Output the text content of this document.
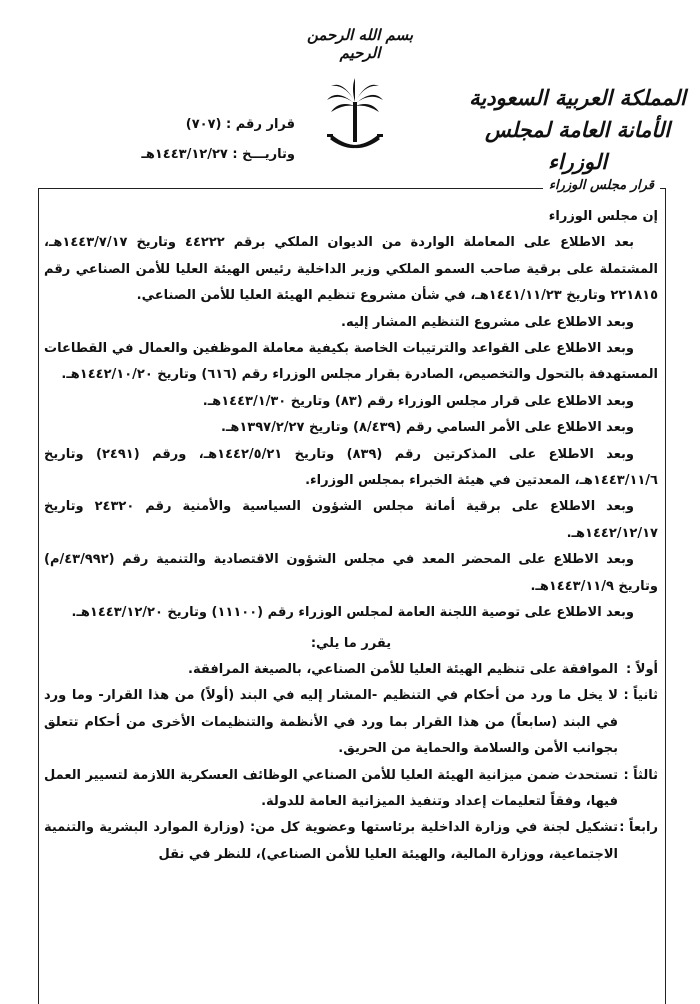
بسم الله الرحمن الرحيم
المملكة العربية السعودية
الأمانة العامة لمجلس الوزراء
قرار رقم : (٧٠٧)
وتاريـــخ : ١٤٤٣/١٢/٢٧هـ
قرار مجلس الوزراء

إن مجلس الوزراء

بعد الاطلاع على المعاملة الواردة من الديوان الملكي برقم ٤٤٢٢٢ وتاريخ ١٤٤٣/٧/١٧هـ، المشتملة على برقية صاحب السمو الملكي وزير الداخلية رئيس الهيئة العليا للأمن الصناعي رقم ٢٢١٨١٥ وتاريخ ١٤٤١/١١/٢٣هـ، في شأن مشروع تنظيم الهيئة العليا للأمن الصناعي.

وبعد الاطلاع على مشروع التنظيم المشار إليه.

وبعد الاطلاع على القواعد والترتيبات الخاصة بكيفية معاملة الموظفين والعمال في القطاعات المستهدفة بالتحول والتخصيص، الصادرة بقرار مجلس الوزراء رقم (٦١٦) وتاريخ ١٤٤٢/١٠/٢٠هـ.

وبعد الاطلاع على قرار مجلس الوزراء رقم (٨٣) وتاريخ ١٤٤٣/١/٣٠هـ.

وبعد الاطلاع على الأمر السامي رقم (٨/٤٣٩) وتاريخ ١٣٩٧/٢/٢٧هـ.

وبعد الاطلاع على المذكرتين رقم (٨٣٩) وتاريخ ١٤٤٢/٥/٢١هـ، ورقم (٢٤٩١) وتاريخ ١٤٤٣/١١/٦هـ، المعدتين في هيئة الخبراء بمجلس الوزراء.

وبعد الاطلاع على برقية أمانة مجلس الشؤون السياسية والأمنية رقم ٢٤٣٢٠ وتاريخ ١٤٤٢/١٢/١٧هـ.

وبعد الاطلاع على المحضر المعد في مجلس الشؤون الاقتصادية والتنمية رقم (٤٣/٩٩٢/م) وتاريخ ١٤٤٣/١١/٩هـ.

وبعد الاطلاع على توصية اللجنة العامة لمجلس الوزراء رقم (١١١٠٠) وتاريخ ١٤٤٣/١٢/٢٠هـ.

يقرر ما يلي:

أولاً :
الموافقة على تنظيم الهيئة العليا للأمن الصناعي، بالصيغة المرافقة.
ثانياً :
لا يخل ما ورد من أحكام في التنظيم -المشار إليه في البند (أولاً) من هذا القرار- وما ورد في البند (سابعاً) من هذا القرار بما ورد في الأنظمة والتنظيمات الأخرى من أحكام تتعلق بجوانب الأمن والسلامة والحماية من الحريق.
ثالثاً :
تستحدث ضمن ميزانية الهيئة العليا للأمن الصناعي الوظائف العسكرية اللازمة لتسيير العمل فيها، وفقاً لتعليمات إعداد وتنفيذ الميزانية العامة للدولة.
رابعاً :
تشكيل لجنة في وزارة الداخلية برئاستها وعضوية كل من: (وزارة الموارد البشرية والتنمية الاجتماعية، ووزارة المالية، والهيئة العليا للأمن الصناعي)، للنظر في نقل
